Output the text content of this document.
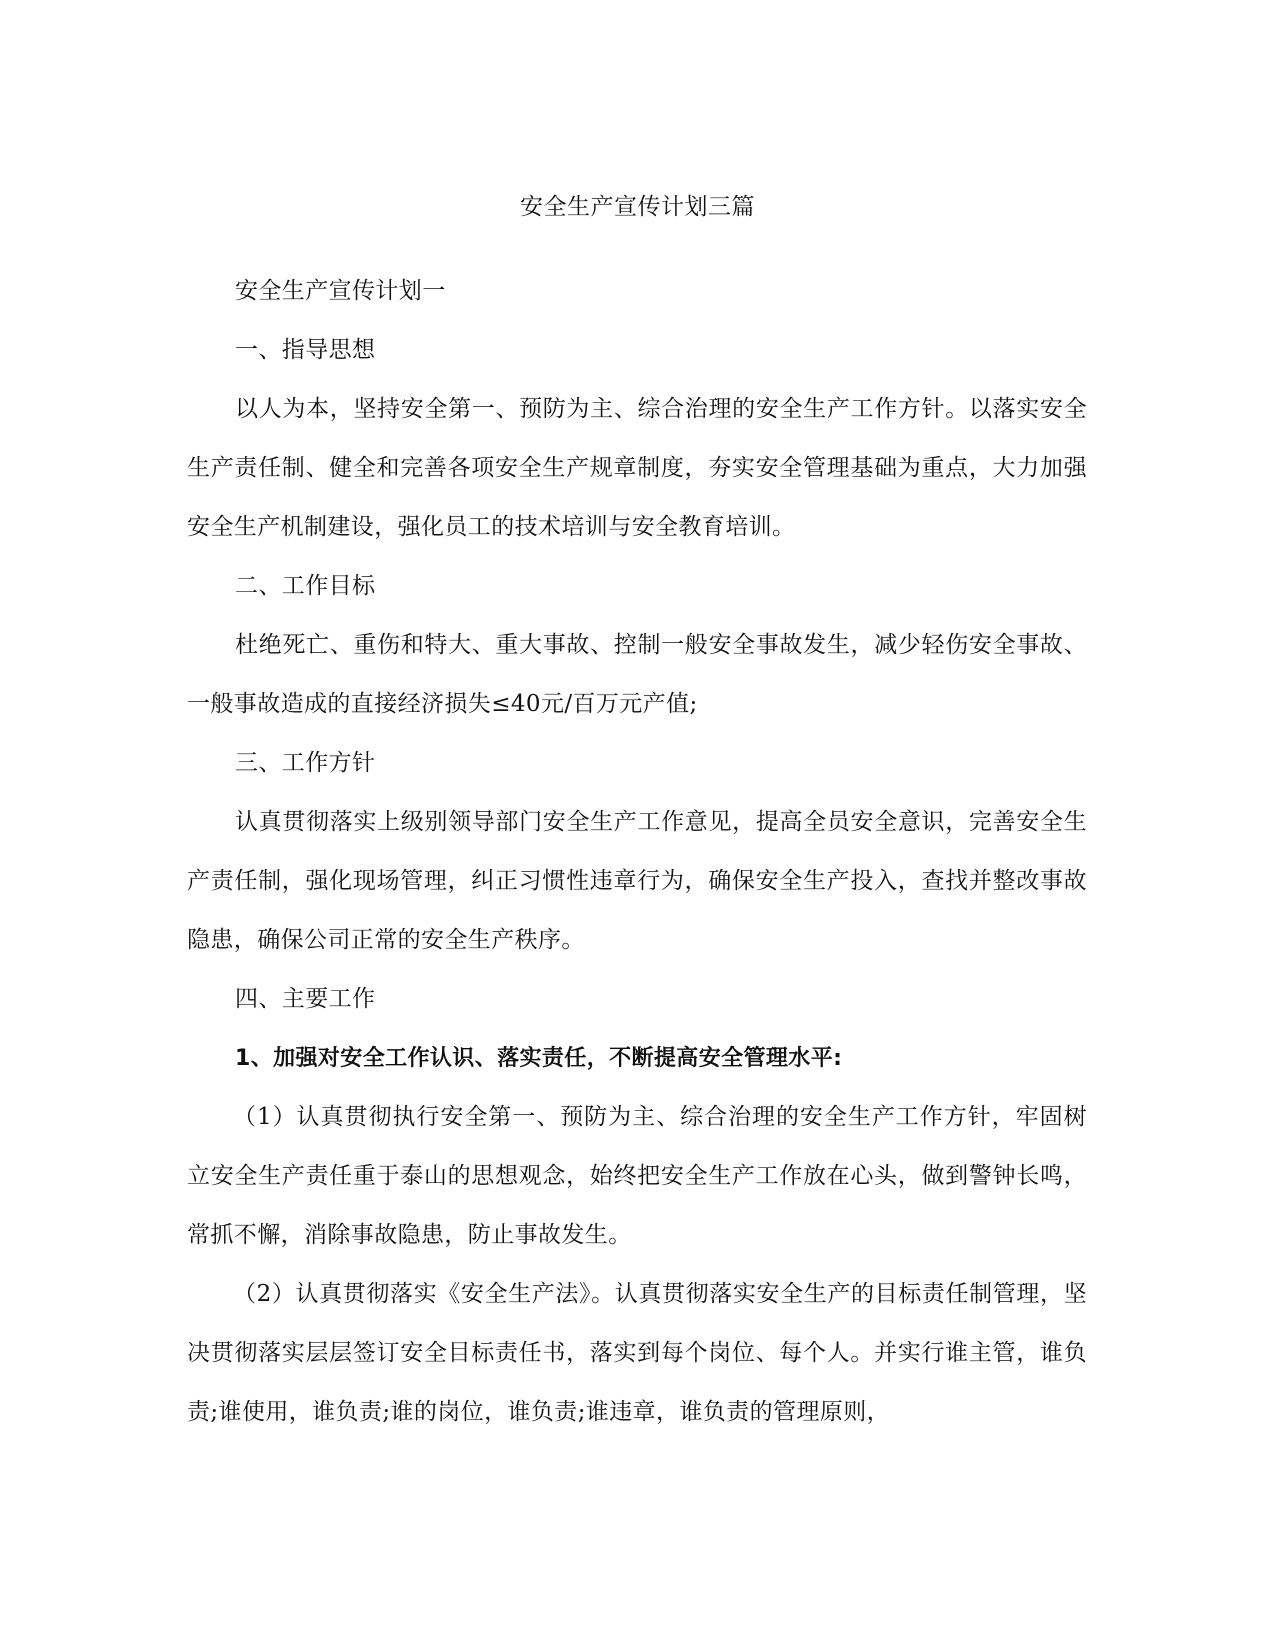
安全生产宣传计划三篇

安全生产宣传计划一

一、指导思想

以人为本，坚持安全第一、预防为主、综合治理的安全生产工作方针。以落实安全生产责任制、健全和完善各项安全生产规章制度，夯实安全管理基础为重点，大力加强安全生产机制建设，强化员工的技术培训与安全教育培训。

二、工作目标

杜绝死亡、重伤和特大、重大事故、控制一般安全事故发生，减少轻伤安全事故、一般事故造成的直接经济损失≤40元/百万元产值;

三、工作方针

认真贯彻落实上级别领导部门安全生产工作意见，提高全员安全意识，完善安全生产责任制，强化现场管理，纠正习惯性违章行为，确保安全生产投入，查找并整改事故隐患，确保公司正常的安全生产秩序。

四、主要工作

1、加强对安全工作认识、落实责任，不断提高安全管理水平:

（1）认真贯彻执行安全第一、预防为主、综合治理的安全生产工作方针，牢固树立安全生产责任重于泰山的思想观念，始终把安全生产工作放在心头，做到警钟长鸣，常抓不懈，消除事故隐患，防止事故发生。

（2）认真贯彻落实《安全生产法》。认真贯彻落实安全生产的目标责任制管理，坚决贯彻落实层层签订安全目标责任书，落实到每个岗位、每个人。并实行谁主管，谁负责;谁使用，谁负责;谁的岗位，谁负责;谁违章，谁负责的管理原则，
